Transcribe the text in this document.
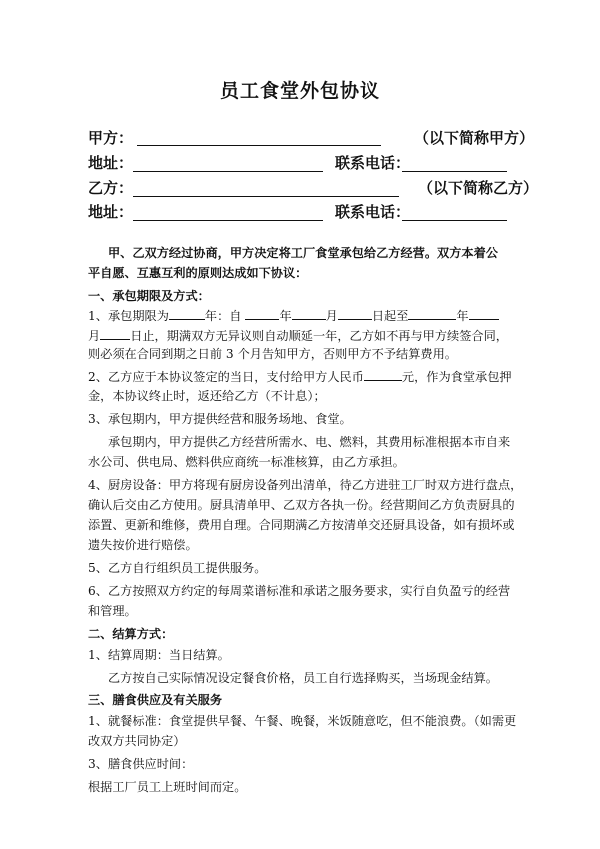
员工食堂外包协议
甲方：	（以下简称甲方）
地址：	联系电话：
乙方：	（以下简称乙方）
地址：	联系电话：
甲、乙双方经过协商，甲方决定将工厂食堂承包给乙方经营。双方本着公
平自愿、互惠互利的原则达成如下协议：
一、承包期限及方式：
1、承包期限为	年：自	年	月	日起至	年
月 日止，期满双方无异议则自动顺延一年，乙方如不再与甲方续签合同，
则必须在合同到期之日前 3 个月告知甲方，否则甲方不予结算费用。
2、乙方应于本协议签定的当日，支付给甲方人民币	元，作为食堂承包押
金，本协议终止时，返还给乙方（不计息）；
3、承包期内，甲方提供经营和服务场地、食堂。
承包期内，甲方提供乙方经营所需水、电、燃料，其费用标准根据本市自来
水公司、供电局、燃料供应商统一标准核算，由乙方承担。
4、厨房设备：甲方将现有厨房设备列出清单，待乙方进驻工厂时双方进行盘点，
确认后交由乙方使用。厨具清单甲、乙双方各执一份。经营期间乙方负责厨具的
添置、更新和维修，费用自理。合同期满乙方按清单交还厨具设备，如有损坏或
遗失按价进行赔偿。
5、乙方自行组织员工提供服务。
6、乙方按照双方约定的每周菜谱标准和承诺之服务要求，实行自负盈亏的经营
和管理。
二、结算方式：
1、结算周期：当日结算。
乙方按自己实际情况设定餐食价格，员工自行选择购买，当场现金结算。
三、膳食供应及有关服务
1、就餐标准：食堂提供早餐、午餐、晚餐，米饭随意吃，但不能浪费。（如需更
改双方共同协定）
3、膳食供应时间：
根据工厂员工上班时间而定。
